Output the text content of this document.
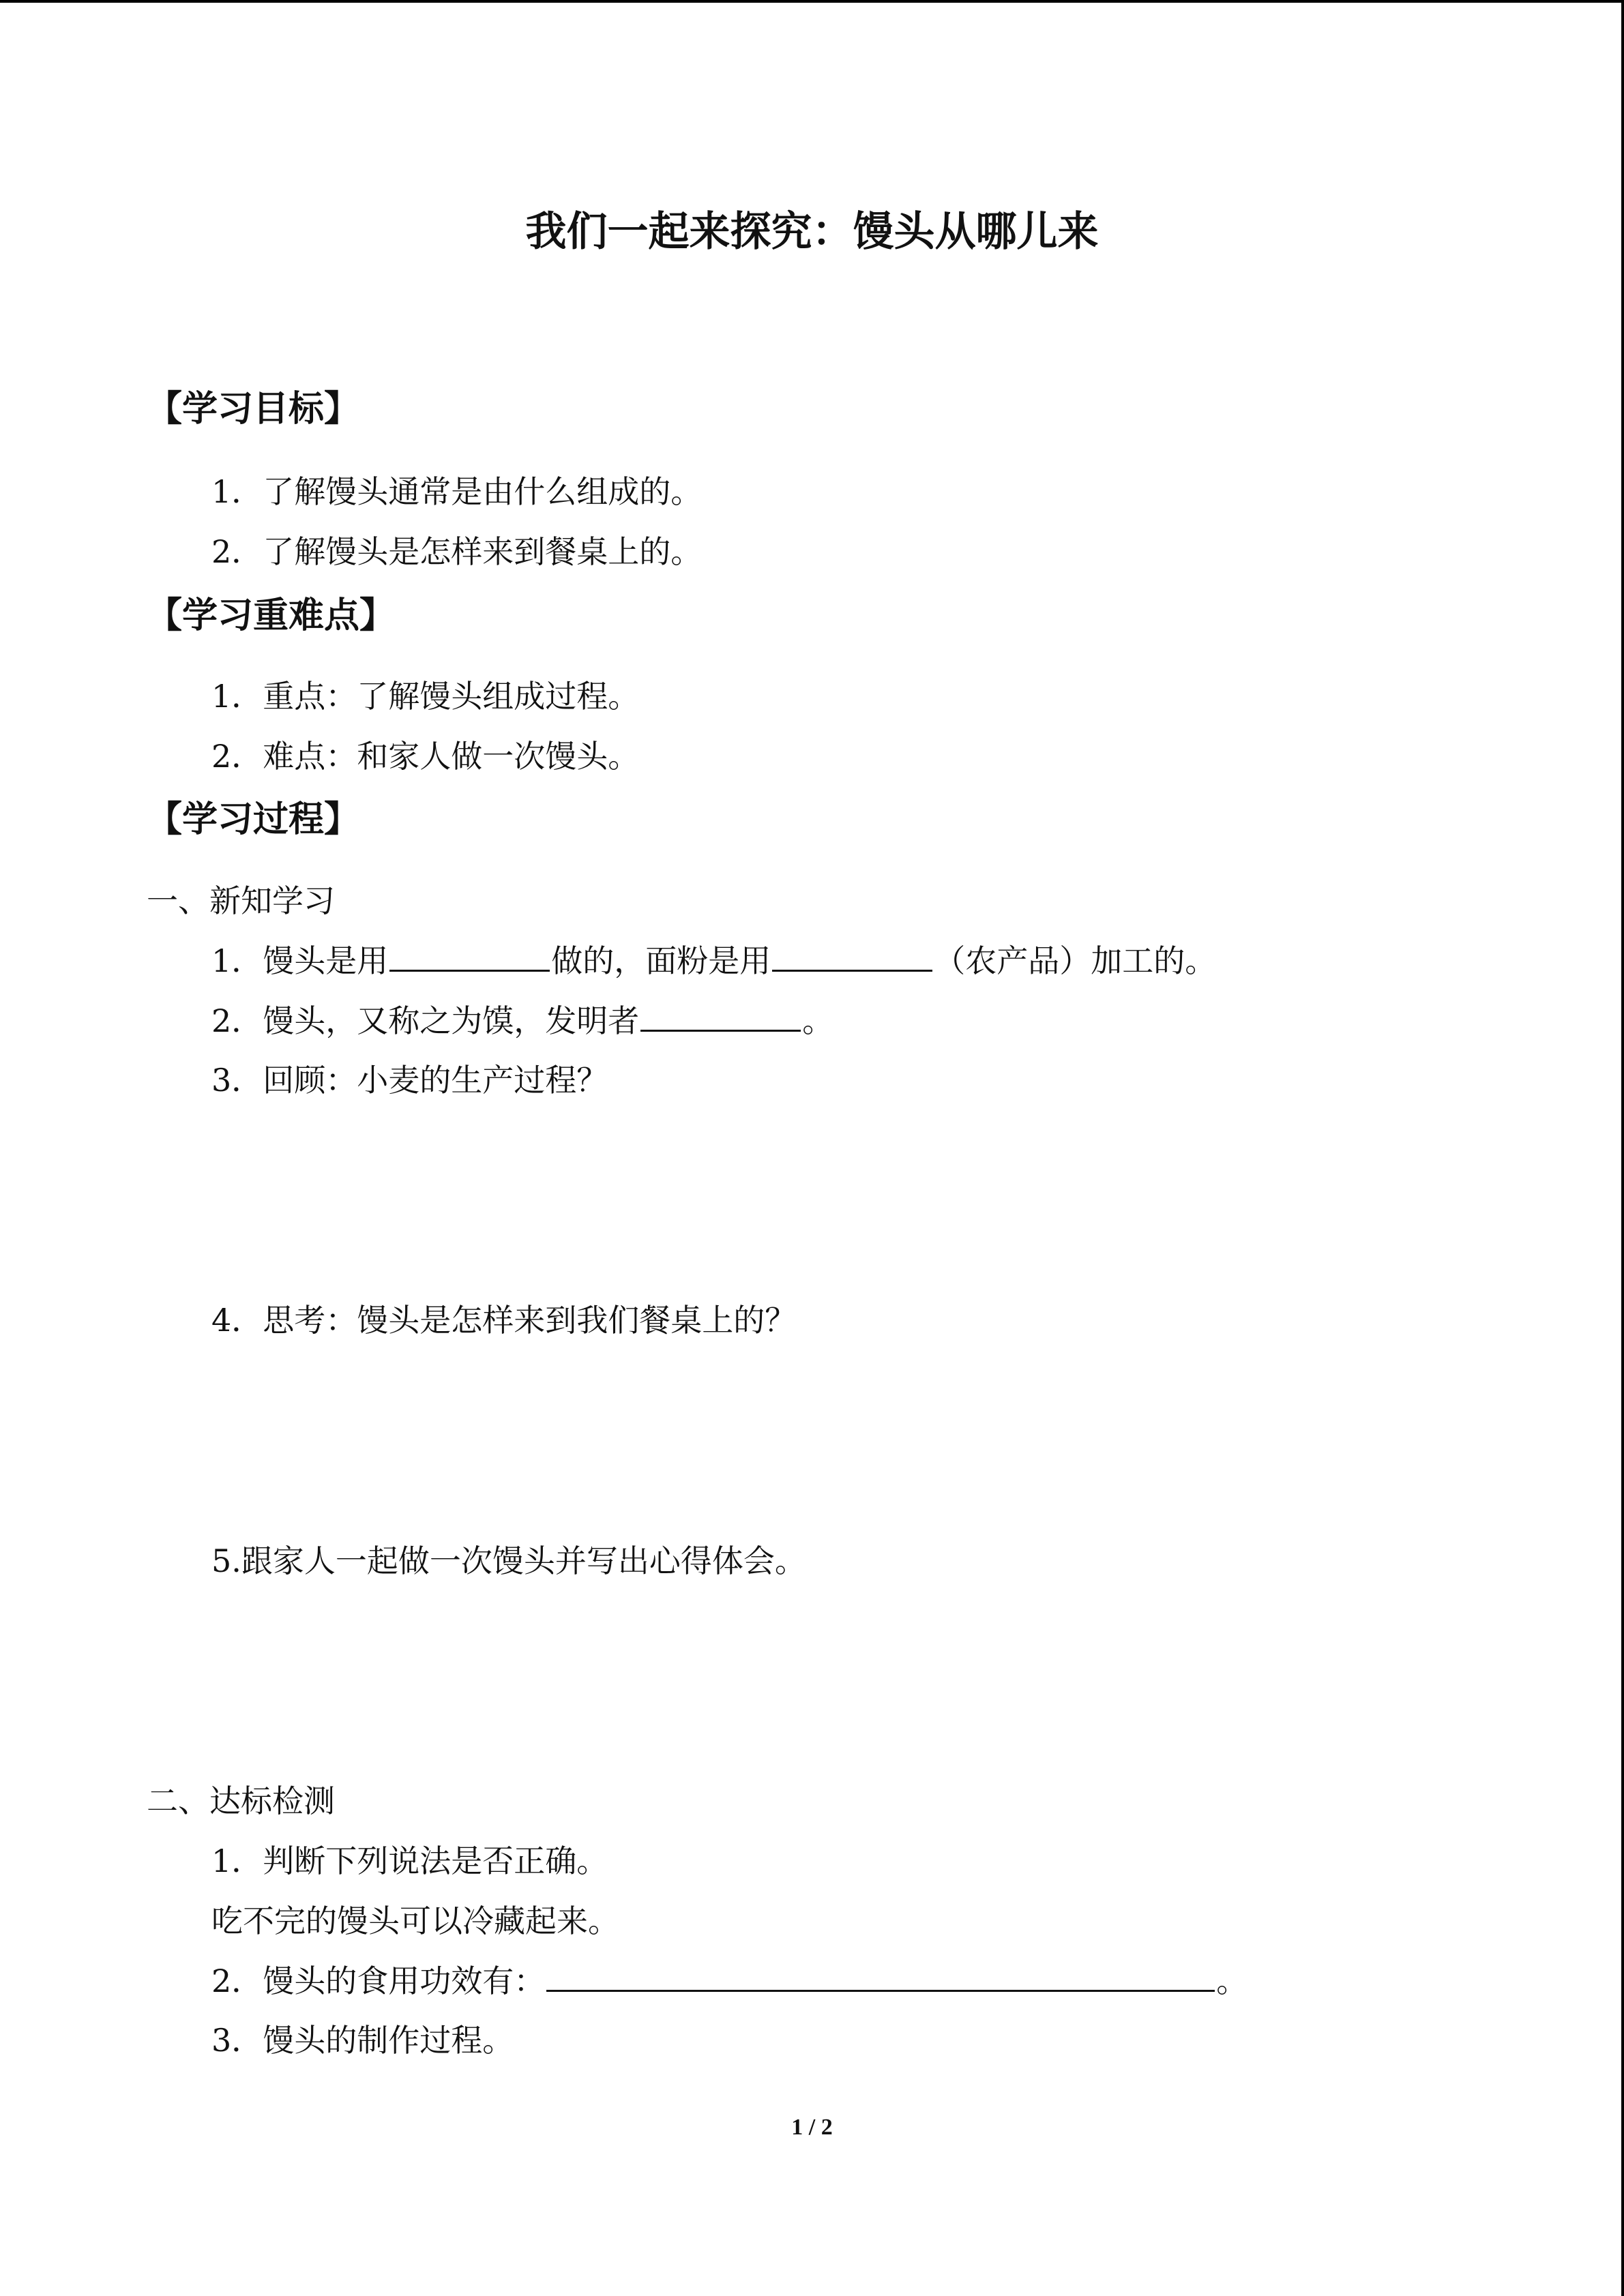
我们一起来探究：馒头从哪儿来
【学习目标】
1．了解馒头通常是由什么组成的。
2．了解馒头是怎样来到餐桌上的。
【学习重难点】
1．重点：了解馒头组成过程。
2．难点：和家人做一次馒头。
【学习过程】
一、新知学习
1．馒头是用	做的，面粉是用	（农产品）加工的。
2．馒头，又称之为馍，发明者	。
3．回顾：小麦的生产过程？
4．思考：馒头是怎样来到我们餐桌上的？
5.跟家人一起做一次馒头并写出心得体会。
二、达标检测
1．判断下列说法是否正确。
吃不完的馒头可以冷藏起来。
2．馒头的食用功效有：	。
3．馒头的制作过程。
1 / 2
